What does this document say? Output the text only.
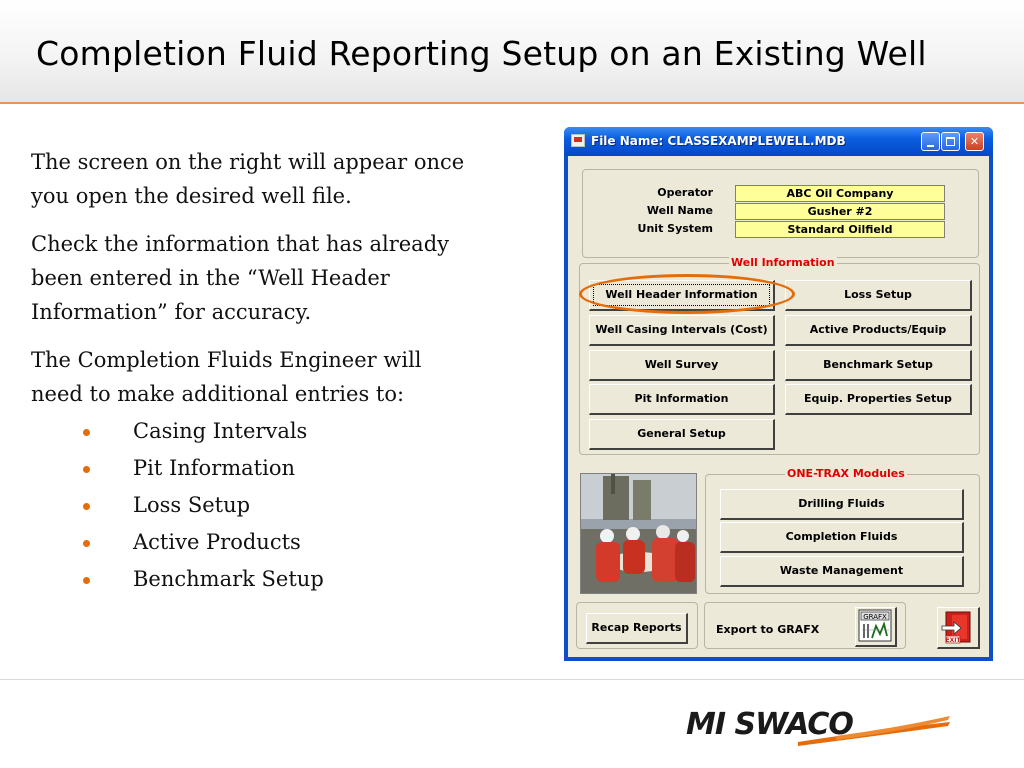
Completion Fluid Reporting Setup on an Existing Well

The screen on the right will appear once you open the desired well file.

Check the information that has already been entered in the “Well Header Information” for accuracy.

The Completion Fluids Engineer will need to make additional entries to:

Casing Intervals
Pit Information
Loss Setup
Active Products
Benchmark Setup
File Name: CLASSEXAMPLEWELL.MDB	✕
Operator	ABC Oil Company
Well Name	Gusher #2
Unit System	Standard Oilfield
Well Information
Well Header Information	Loss Setup
Well Casing Intervals (Cost)	Active Products/Equip
Well Survey	Benchmark Setup
Pit Information	Equip. Properties Setup
General Setup
ONE-TRAX Modules
Drilling Fluids
Completion Fluids
Waste Management
Recap Reports	Export to GRAFX
GRAFX
EXIT
MI SWACO
